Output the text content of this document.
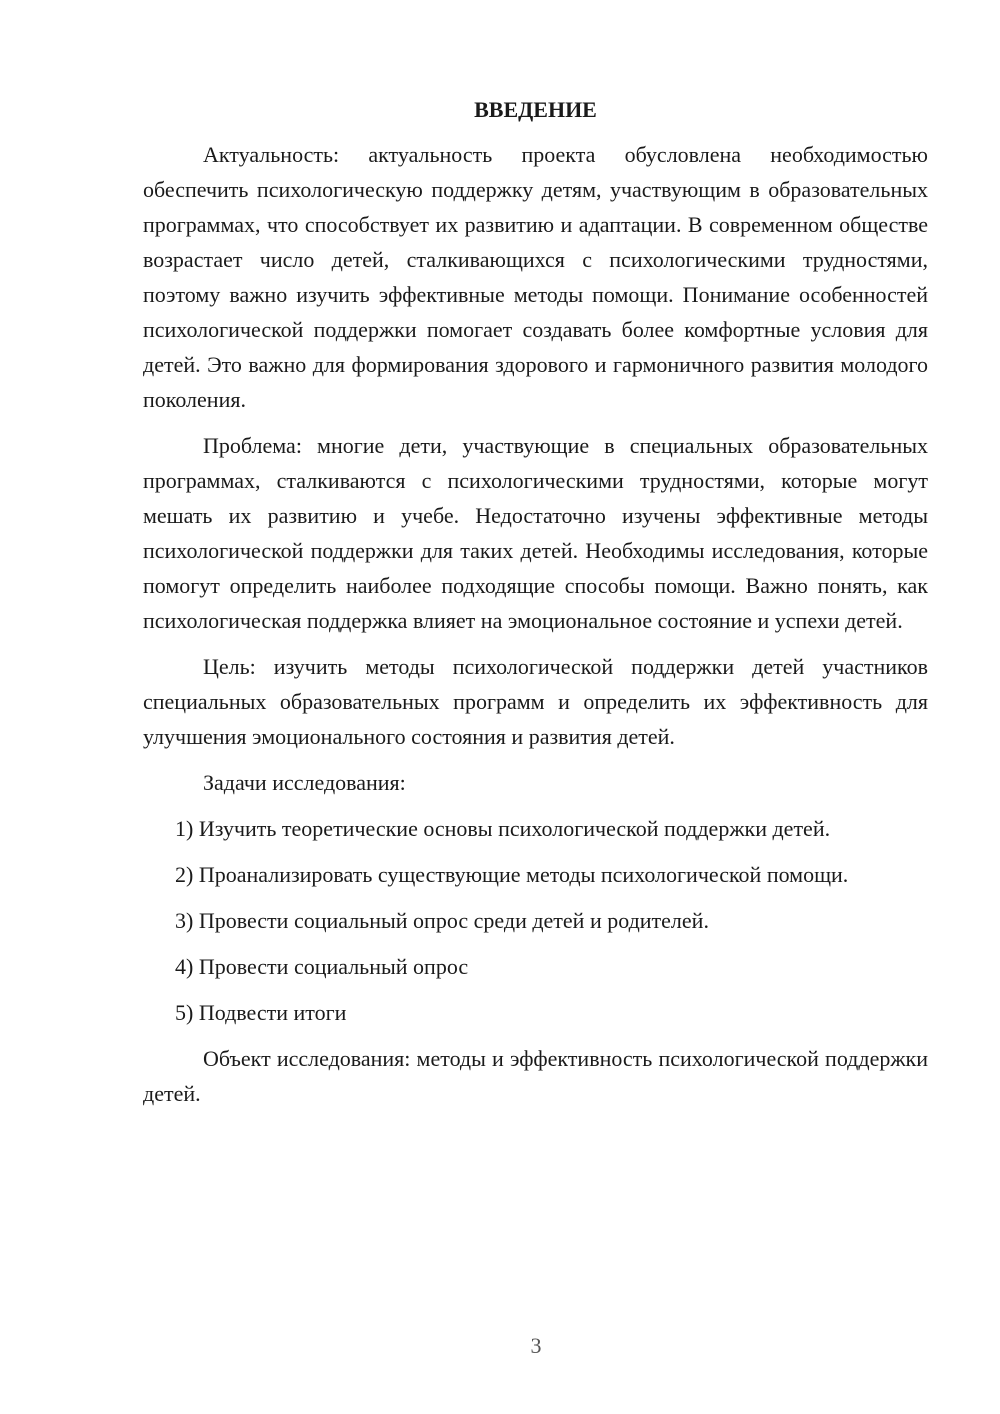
ВВЕДЕНИЕ

Актуальность: актуальность проекта обусловлена необходимостью обеспечить психологическую поддержку детям, участвующим в образовательных программах, что способствует их развитию и адаптации. В современном обществе возрастает число детей, сталкивающихся с психологическими трудностями, поэтому важно изучить эффективные методы помощи. Понимание особенностей психологической поддержки помогает создавать более комфортные условия для детей. Это важно для формирования здорового и гармоничного развития молодого поколения.

Проблема: многие дети, участвующие в специальных образовательных программах, сталкиваются с психологическими трудностями, которые могут мешать их развитию и учебе. Недостаточно изучены эффективные методы психологической поддержки для таких детей. Необходимы исследования, которые помогут определить наиболее подходящие способы помощи. Важно понять, как психологическая поддержка влияет на эмоциональное состояние и успехи детей.

Цель: изучить методы психологической поддержки детей участников специальных образовательных программ и определить их эффективность для улучшения эмоционального состояния и развития детей.

Задачи исследования:

1) Изучить теоретические основы психологической поддержки детей.

2) Проанализировать существующие методы психологической помощи.

3) Провести социальный опрос среди детей и родителей.

4) Провести социальный опрос

5) Подвести итоги

Объект исследования: методы и эффективность психологической поддержки детей.

3
